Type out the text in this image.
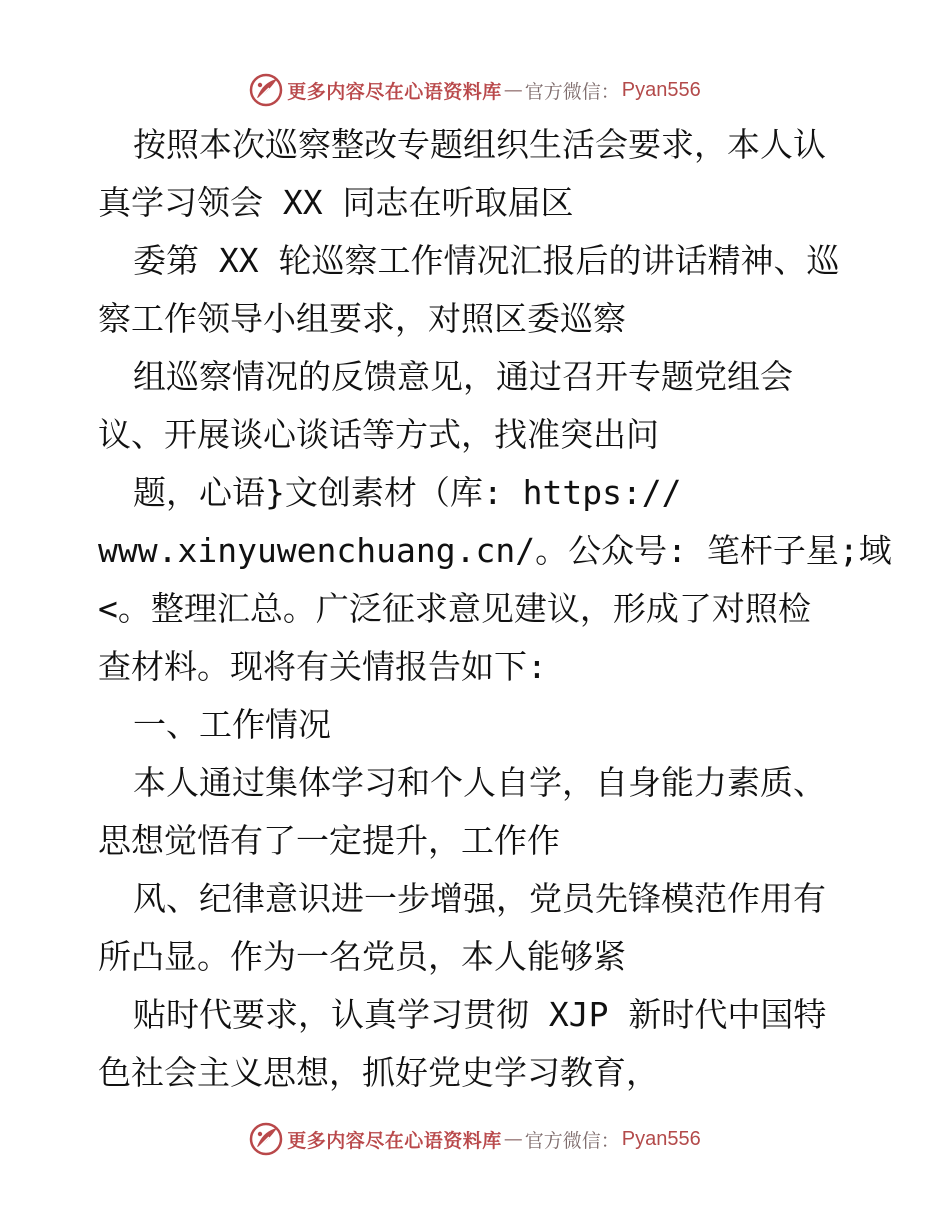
更多内容尽在心语资料库 — 官方微信： Pyan556
按照本次巡察整改专题组织生活会要求，本人认
真学习领会 XX 同志在听取届区
委第 XX 轮巡察工作情况汇报后的讲话精神、巡
察工作领导小组要求，对照区委巡察
组巡察情况的反馈意见，通过召开专题党组会
议、开展谈心谈话等方式，找准突出问
题，心语}文创素材（库: https://
www.xinyuwenchuang.cn/。公众号: 笔杆子星;域
<。整理汇总。广泛征求意见建议，形成了对照检
查材料。现将有关情报告如下:
一、工作情况
本人通过集体学习和个人自学，自身能力素质、
思想觉悟有了一定提升，工作作
风、纪律意识进一步增强，党员先锋模范作用有
所凸显。作为一名党员，本人能够紧
贴时代要求，认真学习贯彻 XJP 新时代中国特
色社会主义思想，抓好党史学习教育，
更多内容尽在心语资料库 — 官方微信： Pyan556
